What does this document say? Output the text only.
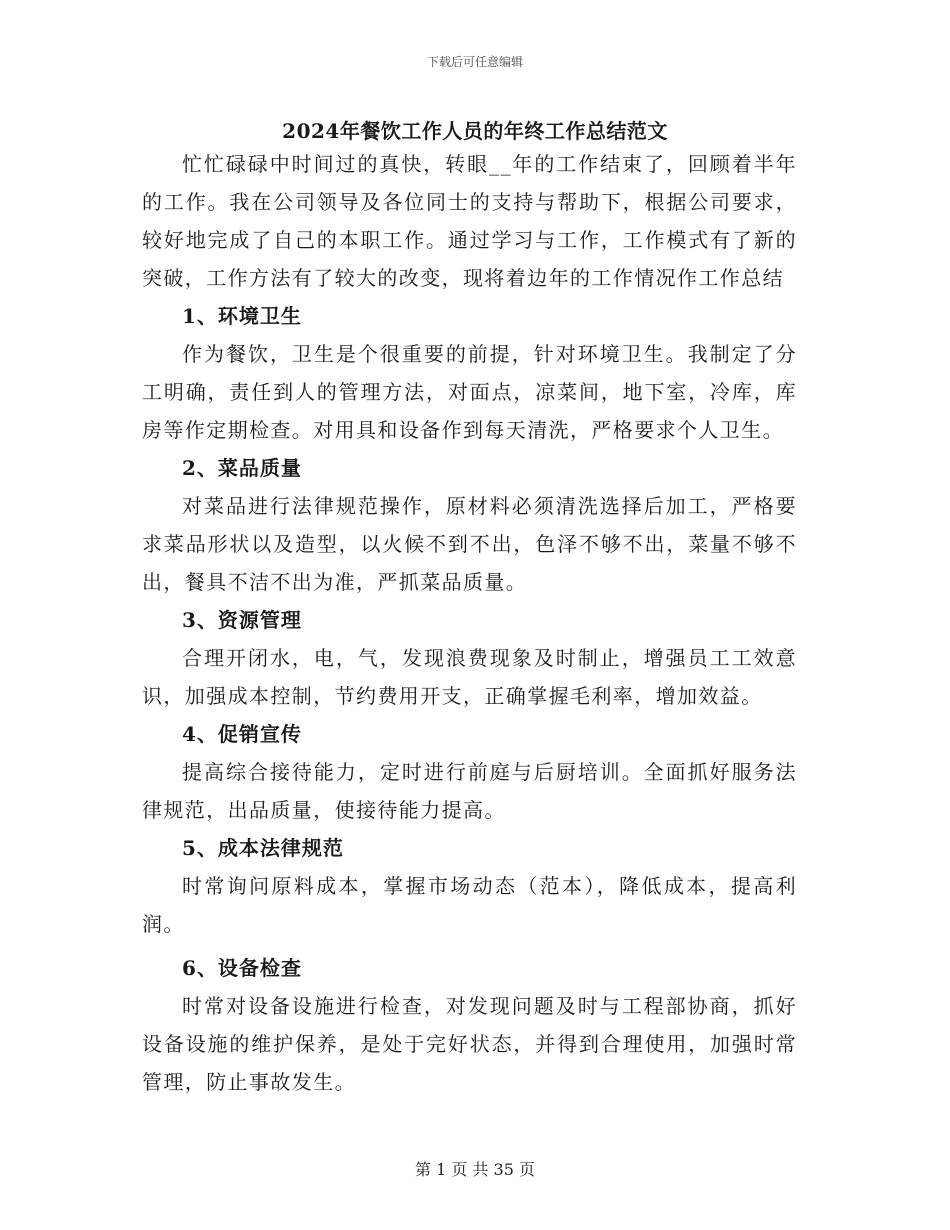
下载后可任意编辑
2024年餐饮工作人员的年终工作总结范文

忙忙碌碌中时间过的真快，转眼__年的工作结束了，回顾着半年的工作。我在公司领导及各位同士的支持与帮助下，根据公司要求，较好地完成了自己的本职工作。通过学习与工作，工作模式有了新的突破，工作方法有了较大的改变，现将着边年的工作情况作工作总结

1、环境卫生

作为餐饮，卫生是个很重要的前提，针对环境卫生。我制定了分工明确，责任到人的管理方法，对面点，凉菜间，地下室，冷库，库房等作定期检查。对用具和设备作到每天清洗，严格要求个人卫生。

2、菜品质量

对菜品进行法律规范操作，原材料必须清洗选择后加工，严格要求菜品形状以及造型，以火候不到不出，色泽不够不出，菜量不够不出，餐具不洁不出为准，严抓菜品质量。

3、资源管理

合理开闭水，电，气，发现浪费现象及时制止，增强员工工效意识，加强成本控制，节约费用开支，正确掌握毛利率，增加效益。

4、促销宣传

提高综合接待能力，定时进行前庭与后厨培训。全面抓好服务法律规范，出品质量，使接待能力提高。

5、成本法律规范

时常询问原料成本，掌握市场动态（范本），降低成本，提高利润。

6、设备检查

时常对设备设施进行检查，对发现问题及时与工程部协商，抓好设备设施的维护保养，是处于完好状态，并得到合理使用，加强时常管理，防止事故发生。

第 1 页 共 35 页
